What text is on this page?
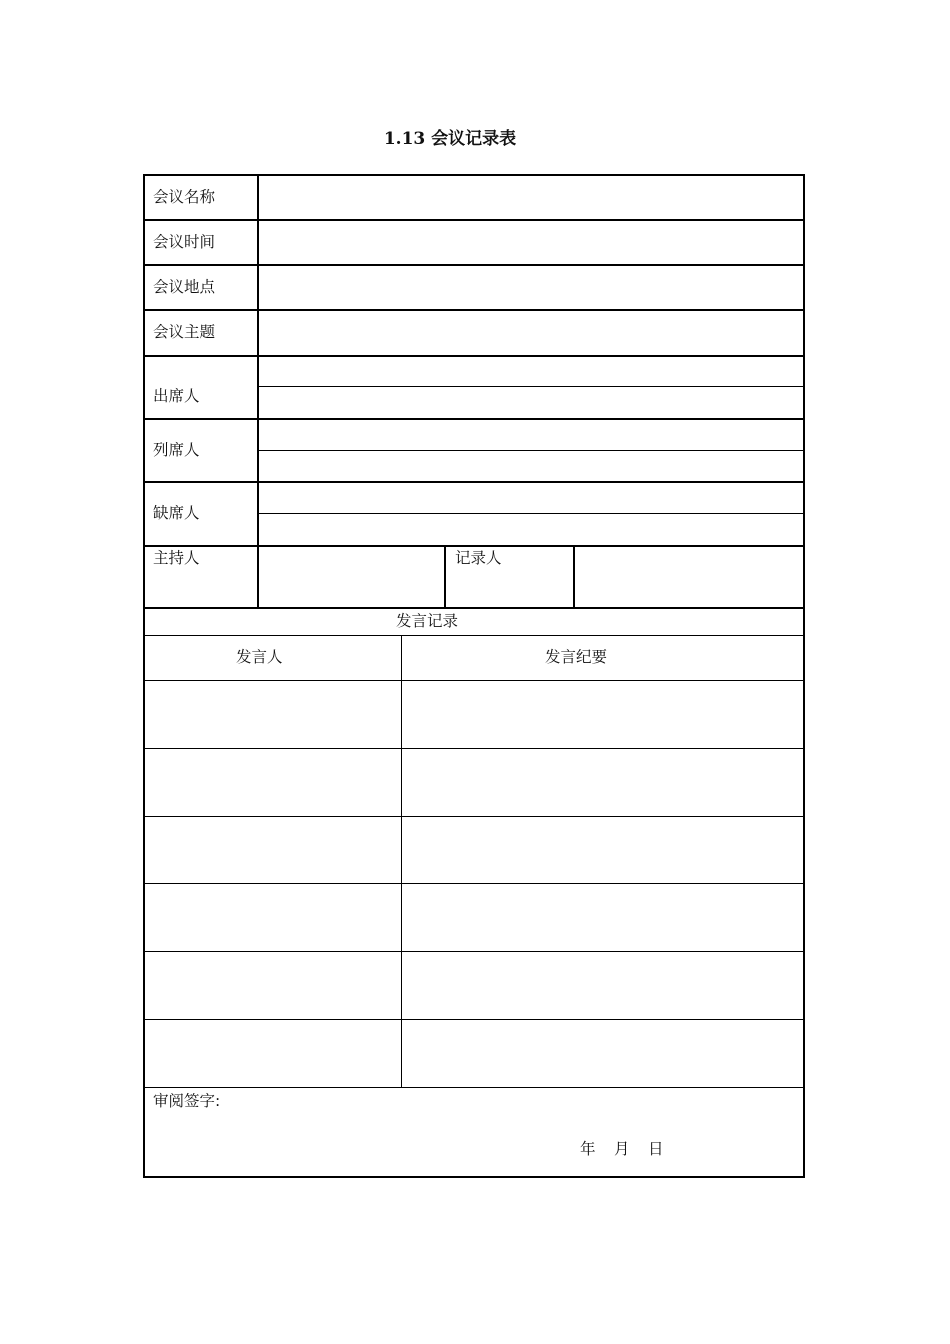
1.13 会议记录表
会议名称
会议时间
会议地点
会议主题
出席人
列席人
缺席人
主持人	记录人
发言记录
发言人	发言纪要
审阅签字:
年 月 日
